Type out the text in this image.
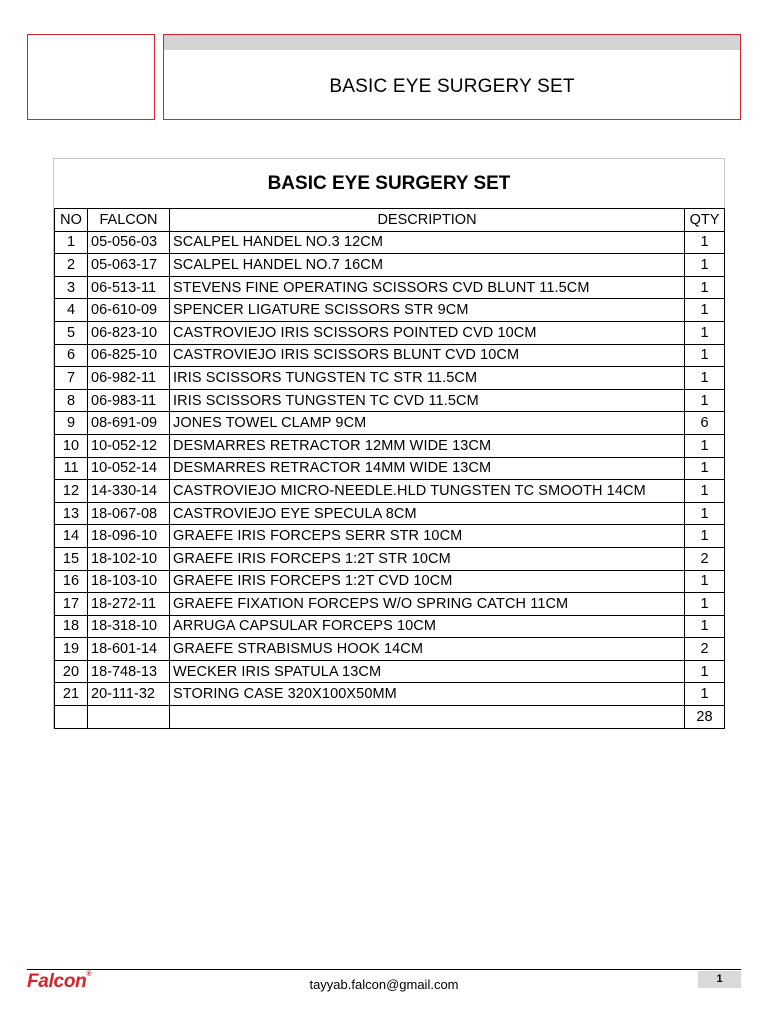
BASIC EYE SURGERY SET
BASIC EYE SURGERY SET
NO	FALCON	DESCRIPTION	QTY
1	05-056-03	SCALPEL HANDEL NO.3 12CM	1
2	05-063-17	SCALPEL HANDEL NO.7 16CM	1
3	06-513-11	STEVENS FINE OPERATING SCISSORS CVD BLUNT 11.5CM	1
4	06-610-09	SPENCER LIGATURE SCISSORS STR 9CM	1
5	06-823-10	CASTROVIEJO IRIS SCISSORS POINTED CVD 10CM	1
6	06-825-10	CASTROVIEJO IRIS SCISSORS BLUNT CVD 10CM	1
7	06-982-11	IRIS SCISSORS TUNGSTEN TC STR 11.5CM	1
8	06-983-11	IRIS SCISSORS TUNGSTEN TC CVD 11.5CM	1
9	08-691-09	JONES TOWEL CLAMP 9CM	6
10	10-052-12	DESMARRES RETRACTOR 12MM WIDE 13CM	1
11	10-052-14	DESMARRES RETRACTOR 14MM WIDE 13CM	1
12	14-330-14	CASTROVIEJO MICRO-NEEDLE.HLD TUNGSTEN TC SMOOTH 14CM	1
13	18-067-08	CASTROVIEJO EYE SPECULA 8CM	1
14	18-096-10	GRAEFE IRIS FORCEPS SERR STR 10CM	1
15	18-102-10	GRAEFE IRIS FORCEPS 1:2T STR 10CM	2
16	18-103-10	GRAEFE IRIS FORCEPS 1:2T CVD 10CM	1
17	18-272-11	GRAEFE FIXATION FORCEPS W/O SPRING CATCH 11CM	1
18	18-318-10	ARRUGA CAPSULAR FORCEPS 10CM	1
19	18-601-14	GRAEFE STRABISMUS HOOK 14CM	2
20	18-748-13	WECKER IRIS SPATULA 13CM	1
21	20-111-32	STORING CASE 320X100X50MM	1
			28
Falcon®
tayyab.falcon@gmail.com	1
